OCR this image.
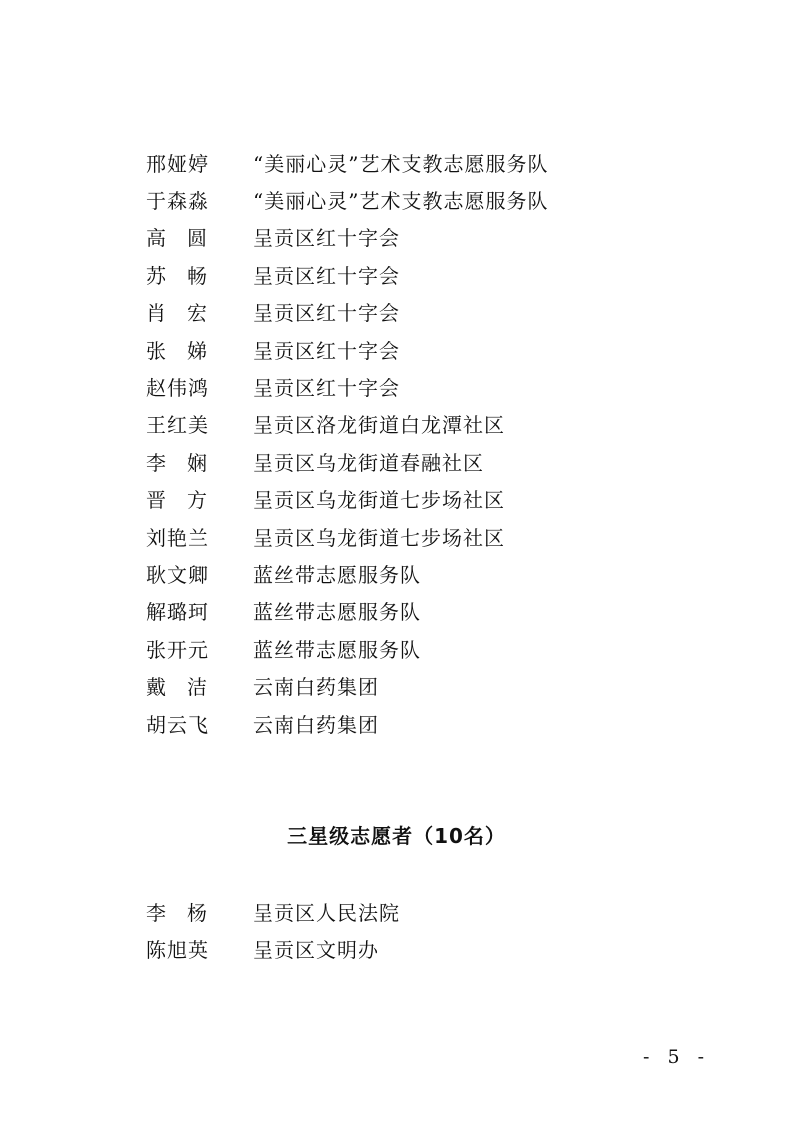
邢娅婷	“美丽心灵”艺术支教志愿服务队
于森淼	“美丽心灵”艺术支教志愿服务队
高圆	呈贡区红十字会
苏畅	呈贡区红十字会
肖宏	呈贡区红十字会
张娣	呈贡区红十字会
赵伟鸿	呈贡区红十字会
王红美	呈贡区洛龙街道白龙潭社区
李娴	呈贡区乌龙街道春融社区
晋方	呈贡区乌龙街道七步场社区
刘艳兰	呈贡区乌龙街道七步场社区
耿文卿	蓝丝带志愿服务队
解璐珂	蓝丝带志愿服务队
张开元	蓝丝带志愿服务队
戴洁	云南白药集团
胡云飞	云南白药集团
三星级志愿者（10名）
李杨	呈贡区人民法院
陈旭英	呈贡区文明办
- 5 -
